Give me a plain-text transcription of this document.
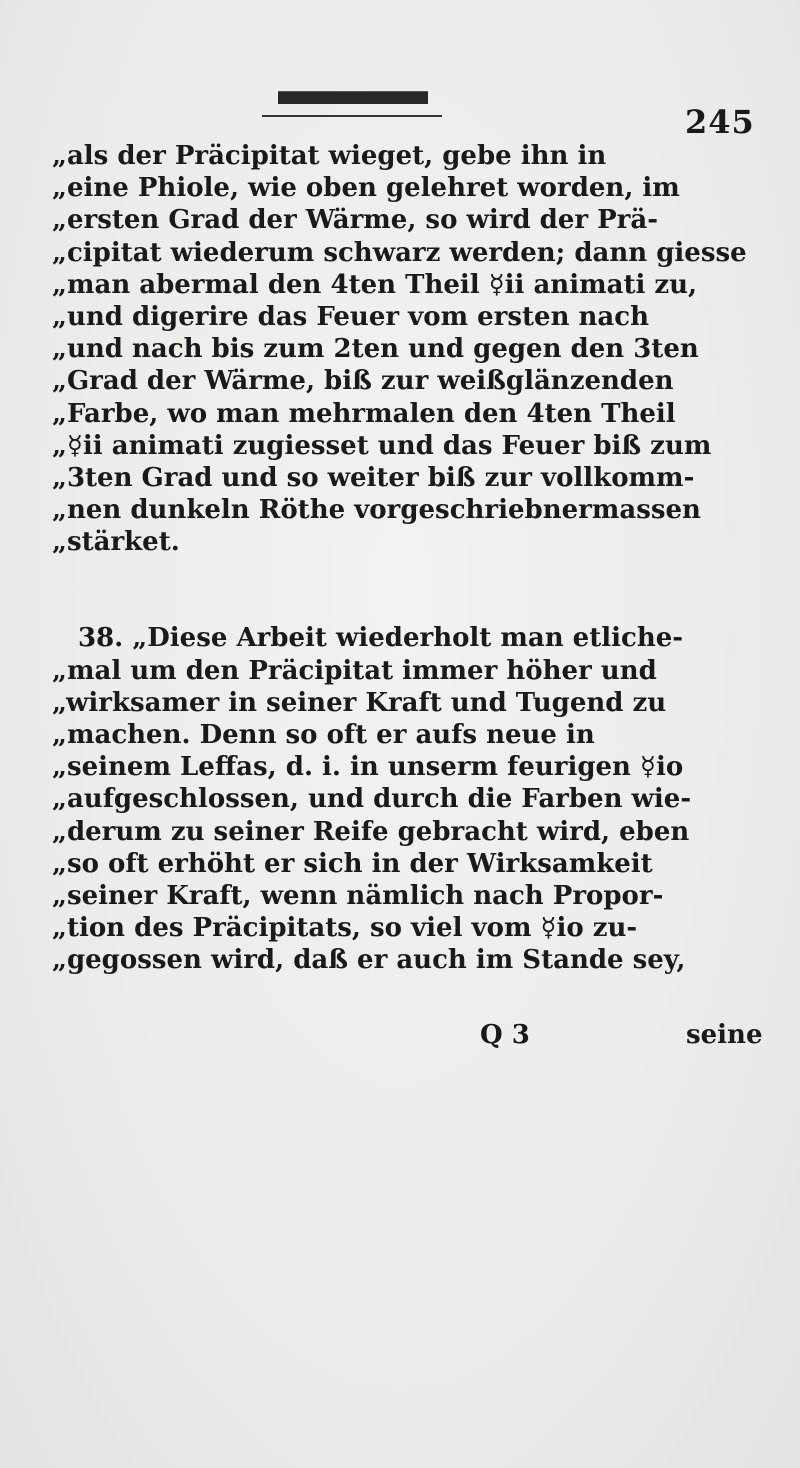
245
„als der Präcipitat wieget, gebe ihn in
„eine Phiole, wie oben gelehret worden, im
„ersten Grad der Wärme, so wird der Prä-
„cipitat wiederum schwarz werden; dann giesse
„man abermal den 4ten Theil ☿ii animati zu,
„und digerire das Feuer vom ersten nach
„und nach bis zum 2ten und gegen den 3ten
„Grad der Wärme, biß zur weißglänzenden
„Farbe, wo man mehrmalen den 4ten Theil
„☿ii animati zugiesset und das Feuer biß zum
„3ten Grad und so weiter biß zur vollkomm-
„nen dunkeln Röthe vorgeschriebnermassen
„stärket.
38. „Diese Arbeit wiederholt man etliche-
„mal um den Präcipitat immer höher und
„wirksamer in seiner Kraft und Tugend zu
„machen. Denn so oft er aufs neue in
„seinem Leffas, d. i. in unserm feurigen ☿io
„aufgeschlossen, und durch die Farben wie-
„derum zu seiner Reife gebracht wird, eben
„so oft erhöht er sich in der Wirksamkeit
„seiner Kraft, wenn nämlich nach Propor-
„tion des Präcipitats, so viel vom ☿io zu-
„gegossen wird, daß er auch im Stande sey,
Q 3	seine
